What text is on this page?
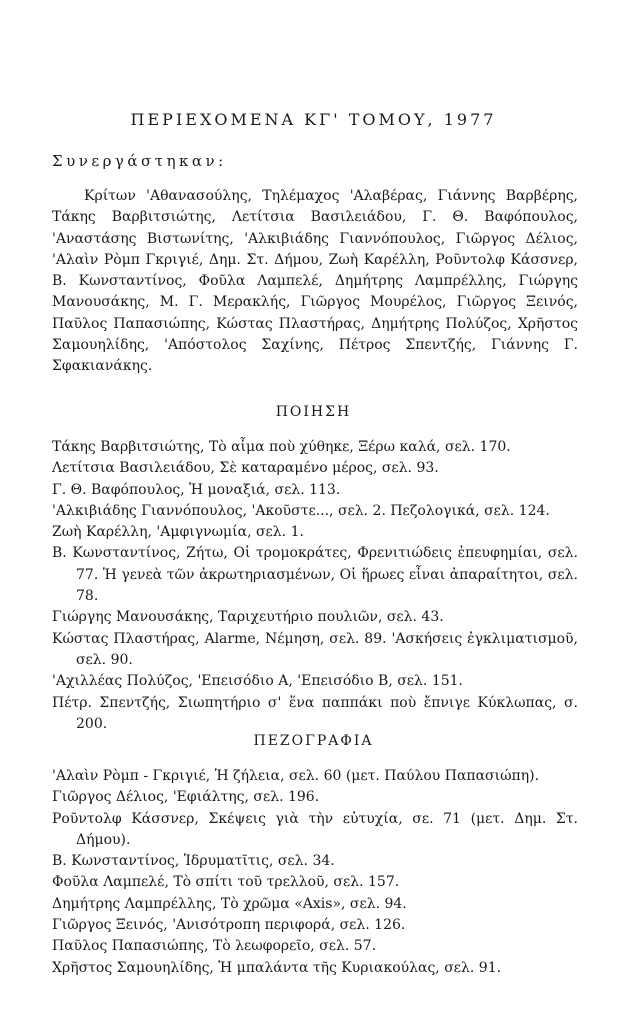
ΠΕΡΙΕΧΟΜΕΝΑ ΚΓ' ΤΟΜΟΥ, 1977
Συνεργάστηκαν:

Κρίτων 'Αθανασούλης, Τηλέμαχος 'Αλαβέρας, Γιάννης Βαρβέρης, Τάκης Βαρβιτσιώτης, Λετίτσια Βασιλειάδου, Γ. Θ. Βαφόπουλος, 'Αναστάσης Βιστωνίτης, 'Αλκιβιάδης Γιαννόπουλος, Γιῶργος Δέλιος, 'Αλαὶν Ρὸμπ Γκριγιέ, Δημ. Στ. Δήμου, Ζωὴ Καρέλλη, Ροῦντολφ Κάσσνερ, Β. Κωνσταντίνος, Φοῦλα Λαμπελέ, Δημήτρης Λαμπρέλλης, Γιώργης Μανουσάκης, Μ. Γ. Μερακλής, Γιῶργος Μουρέλος, Γιῶργος Ξεινός, Παῦλος Παπασιώπης, Κώστας Πλαστήρας, Δημήτρης Πολύζος, Χρῆστος Σαμουηλίδης, 'Απόστολος Σαχίνης, Πέτρος Σπεντζής, Γιάννης Γ. Σφακιανάκης.

ΠΟΙΗΣΗ
Τάκης Βαρβιτσιώτης, Τὸ αἷμα ποὺ χύθηκε, Ξέρω καλά, σελ. 170.
Λετίτσια Βασιλειάδου, Σὲ καταραμένο μέρος, σελ. 93.
Γ. Θ. Βαφόπουλος, Ἡ μοναξιά, σελ. 113.
'Αλκιβιάδης Γιαννόπουλος, 'Ακοῦστε..., σελ. 2. Πεζολογικά, σελ. 124.
Ζωὴ Καρέλλη, 'Αμφιγνωμία, σελ. 1.
Β. Κωνσταντίνος, Ζήτω, Οἱ τρομοκράτες, Φρενιτιώδεις ἐπευφημίαι, σελ. 77. Ἡ γενεὰ τῶν ἀκρωτηριασμένων, Οἱ ἥρωες εἶναι ἀπαραίτητοι, σελ. 78.
Γιώργης Μανουσάκης, Ταριχευτήριο πουλιῶν, σελ. 43.
Κώστας Πλαστήρας, Alarme, Νέμηση, σελ. 89. 'Ασκήσεις ἐγκλιματισμοῦ, σελ. 90.
'Αχιλλέας Πολύζος, 'Επεισόδιο Α, 'Επεισόδιο Β, σελ. 151.
Πέτρ. Σπεντζής, Σιωπητήριο σ' ἕνα παππάκι ποὺ ἔπνιγε Κύκλωπας, σ. 200.
ΠΕΖΟΓΡΑΦΙΑ
'Αλαὶν Ρὸμπ - Γκριγιέ, Ἡ ζήλεια, σελ. 60 (μετ. Παύλου Παπασιώπη).
Γιῶργος Δέλιος, 'Εφιάλτης, σελ. 196.
Ροῦντολφ Κάσσνερ, Σκέψεις γιὰ τὴν εὐτυχία, σε. 71 (μετ. Δημ. Στ. Δήμου).
Β. Κωνσταντίνος, Ἱδρυματῖτις, σελ. 34.
Φοῦλα Λαμπελέ, Τὸ σπίτι τοῦ τρελλοῦ, σελ. 157.
Δημήτρης Λαμπρέλλης, Τὸ χρῶμα «Axis», σελ. 94.
Γιῶργος Ξεινός, 'Ανισότροπη περιφορά, σελ. 126.
Παῦλος Παπασιώπης, Τὸ λεωφορεῖο, σελ. 57.
Χρῆστος Σαμουηλίδης, Ἡ μπαλάντα τῆς Κυριακούλας, σελ. 91.
